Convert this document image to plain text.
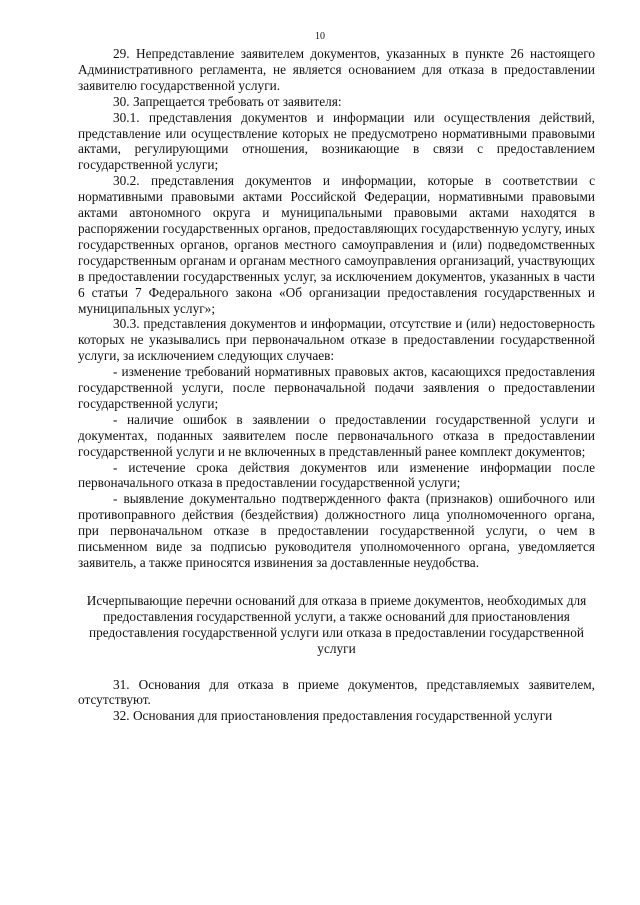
10

29. Непредставление заявителем документов, указанных в пункте 26 настоящего Административного регламента, не является основанием для отказа в предоставлении заявителю государственной услуги.

30. Запрещается требовать от заявителя:

30.1. представления документов и информации или осуществления действий, представление или осуществление которых не предусмотрено нормативными правовыми актами, регулирующими отношения, возникающие в связи с предоставлением государственной услуги;

30.2. представления документов и информации, которые в соответствии с нормативными правовыми актами Российской Федерации, нормативными правовыми актами автономного округа и муниципальными правовыми актами находятся в распоряжении государственных органов, предоставляющих государственную услугу, иных государственных органов, органов местного самоуправления и (или) подведомственных государственным органам и органам местного самоуправления организаций, участвующих в предоставлении государственных услуг, за исключением документов, указанных в части 6 статьи 7 Федерального закона «Об организации предоставления государственных и муниципальных услуг»;

30.3. представления документов и информации, отсутствие и (или) недостоверность которых не указывались при первоначальном отказе в предоставлении государственной услуги, за исключением следующих случаев:

- изменение требований нормативных правовых актов, касающихся предоставления государственной услуги, после первоначальной подачи заявления о предоставлении государственной услуги;

- наличие ошибок в заявлении о предоставлении государственной услуги и документах, поданных заявителем после первоначального отказа в предоставлении государственной услуги и не включенных в представленный ранее комплект документов;

- истечение срока действия документов или изменение информации после первоначального отказа в предоставлении государственной услуги;

- выявление документально подтвержденного факта (признаков) ошибочного или противоправного действия (бездействия) должностного лица уполномоченного органа, при первоначальном отказе в предоставлении государственной услуги, о чем в письменном виде за подписью руководителя уполномоченного органа, уведомляется заявитель, а также приносятся извинения за доставленные неудобства.

Исчерпывающие перечни оснований для отказа в приеме документов, необходимых для предоставления государственной услуги, а также оснований для приостановления предоставления государственной услуги или отказа в предоставлении государственной услуги

31. Основания для отказа в приеме документов, представляемых заявителем, отсутствуют.

32. Основания для приостановления предоставления государственной услуги
